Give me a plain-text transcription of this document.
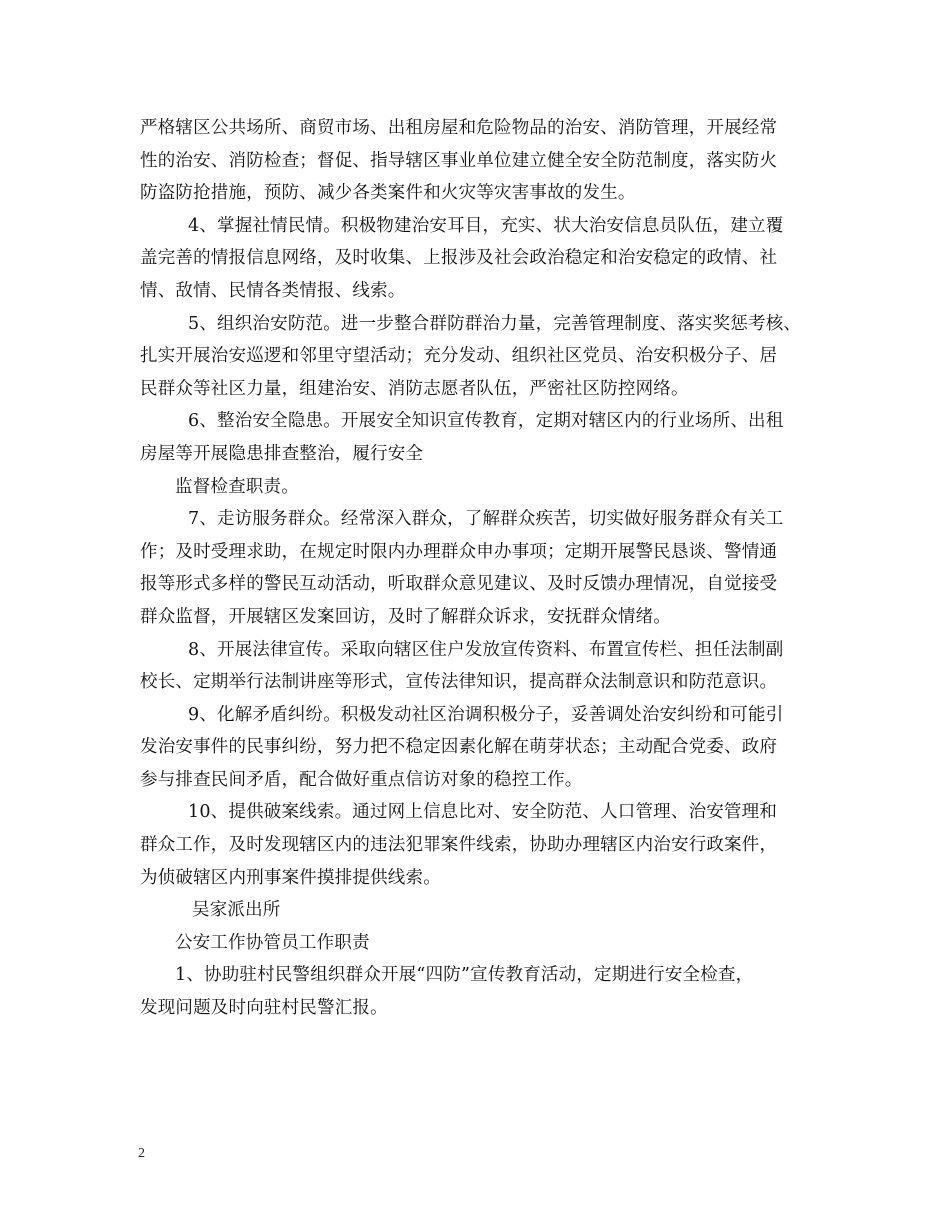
严格辖区公共场所、商贸市场、出租房屋和危险物品的治安、消防管理，开展经常
性的治安、消防检查；督促、指导辖区事业单位建立健全安全防范制度，落实防火
防盗防抢措施，预防、减少各类案件和火灾等灾害事故的发生。
4、掌握社情民情。积极物建治安耳目，充实、状大治安信息员队伍，建立覆
盖完善的情报信息网络，及时收集、上报涉及社会政治稳定和治安稳定的政情、社
情、敌情、民情各类情报、线索。
5、组织治安防范。进一步整合群防群治力量，完善管理制度、落实奖惩考核、
扎实开展治安巡逻和邻里守望活动；充分发动、组织社区党员、治安积极分子、居
民群众等社区力量，组建治安、消防志愿者队伍，严密社区防控网络。
6、整治安全隐患。开展安全知识宣传教育，定期对辖区内的行业场所、出租
房屋等开展隐患排查整治，履行安全
监督检查职责。
7、走访服务群众。经常深入群众，了解群众疾苦，切实做好服务群众有关工
作；及时受理求助，在规定时限内办理群众申办事项；定期开展警民恳谈、警情通
报等形式多样的警民互动活动，听取群众意见建议、及时反馈办理情况，自觉接受
群众监督，开展辖区发案回访，及时了解群众诉求，安抚群众情绪。
8、开展法律宣传。采取向辖区住户发放宣传资料、布置宣传栏、担任法制副
校长、定期举行法制讲座等形式，宣传法律知识，提高群众法制意识和防范意识。
9、化解矛盾纠纷。积极发动社区治调积极分子，妥善调处治安纠纷和可能引
发治安事件的民事纠纷，努力把不稳定因素化解在萌芽状态；主动配合党委、政府
参与排查民间矛盾，配合做好重点信访对象的稳控工作。
10、提供破案线索。通过网上信息比对、安全防范、人口管理、治安管理和
群众工作，及时发现辖区内的违法犯罪案件线索，协助办理辖区内治安行政案件，
为侦破辖区内刑事案件摸排提供线索。
吴家派出所
公安工作协管员工作职责
1、协助驻村民警组织群众开展“四防”宣传教育活动，定期进行安全检查，
发现问题及时向驻村民警汇报。

2
